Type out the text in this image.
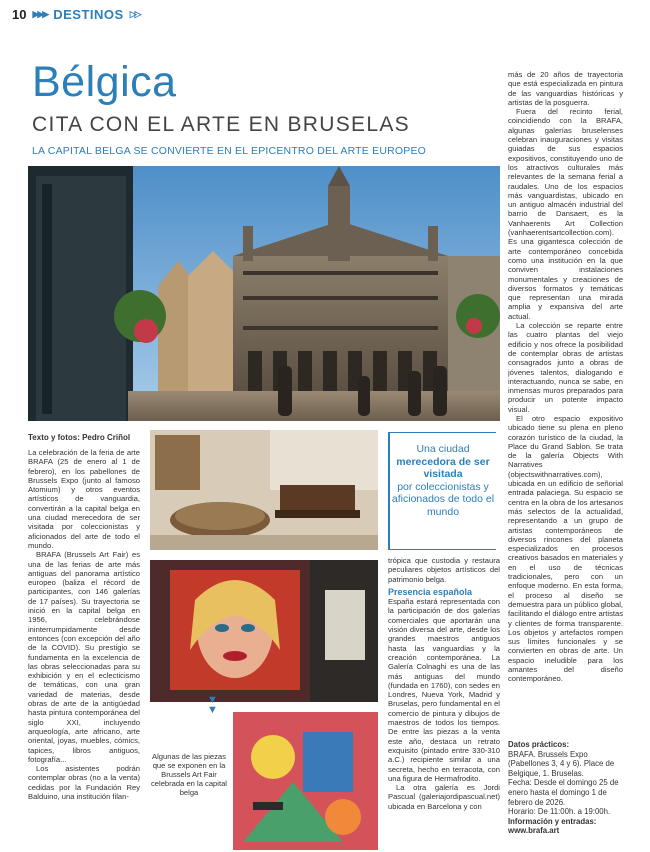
10 ▶▶▶ DESTINOS ▷▷
Bélgica
CITA CON EL ARTE EN BRUSELAS
LA CAPITAL BELGA SE CONVIERTE EN EL EPICENTRO DEL ARTE EUROPEO
Texto y fotos: Pedro Criñol

La celebración de la feria de arte BRAFA (25 de enero al 1 de febrero), en los pabellones de Brussels Expo (junto al famoso Atomium) y otros eventos artísticos de vanguardia, convertirán a la capital belga en una ciudad merecedora de ser visitada por coleccionistas y aficionados del arte de todo el mundo.

BRAFA (Brussels Art Fair) es una de las ferias de arte más antiguas del panorama artístico europeo (baliza el récord de participantes, con 146 galerías de 17 países). Su trayectoria se inició en la capital belga en 1956, celebrándose ininterrumpidamente desde entonces (con excepción del año de la COVID). Su prestigio se fundamenta en la excelencia de las obras seleccionadas para su exhibición y en el eclecticismo de temáticas, con una gran variedad de materias, desde obras de arte de la antigüedad hasta pintura contemporánea del siglo XXI, incluyendo arqueología, arte africano, arte oriental, joyas, muebles, cómics, tapices, libros antiguos, fotografía...

Los asistentes podrán contemplar obras (no a la venta) cedidas por la Fundación Rey Balduino, una institución filan-

Una ciudad
merecedora de ser visitada
por coleccionistas y aficionados de todo el mundo
▼
▼
Algunas de las piezas que se exponen en la Brussels Art Fair celebrada en la capital belga

trópica que custodia y restaura peculiares objetos artísticos del patrimonio belga.

Presencia española

España estará representada con la participación de dos galerías comerciales que aportarán una visión diversa del arte, desde los grandes maestros antiguos hasta las vanguardias y la creación contemporánea. La Galería Colnaghi es una de las más antiguas del mundo (fundada en 1760), con sedes en Londres, Nueva York, Madrid y Bruselas, pero fundamental en el comercio de pintura y dibujos de maestros de todos los tiempos. De entre las piezas a la venta este año, destaca un retrato exquisito (pintado entre 330-310 a.C.) recipiente similar a una secreta, hecho en terracota, con una figura de Hermafrodito.

La otra galería es Jordi Pascual (galeriajordipascual.net) ubicada en Barcelona y con

más de 20 años de trayectoria que está especializada en pintura de las vanguardias históricas y artistas de la posguerra.

Fuera del recinto ferial, coincidiendo con la BRAFA, algunas galerías bruselenses celebran inauguraciones y visitas guiadas de sus espacios expositivos, constituyendo uno de los atractivos culturales más relevantes de la semana ferial a raudales. Uno de los espacios más vanguardistas, ubicado en un antiguo almacén industrial del barrio de Dansaert, es la Vanhaerents Art Collection (vanhaerentsartcollection.com). Es una gigantesca colección de arte contemporáneo concebida como una institución en la que conviven instalaciones monumentales y creaciones de diversos formatos y temáticas que representan una mirada amplia y expansiva del arte actual.

La colección se reparte entre las cuatro plantas del viejo edificio y nos ofrece la posibilidad de contemplar obras de artistas consagrados junto a obras de jóvenes talentos, dialogando e interactuando, nunca se sabe, en inmensas muros preparados para producir un potente impacto visual.

El otro espacio expositivo ubicado tiene su plena en pleno corazón turístico de la ciudad, la Place du Grand Sablon. Se trata de la galería Objects With Narratives (objectswithnarratives.com), ubicada en un edificio de señorial entrada palaciega. Su espacio se centra en la obra de los artesanos más selectos de la actualidad, representando a un grupo de artistas contemporáneos de diversos rincones del planeta especializados en procesos creativos basados en materiales y en el uso de técnicas tradicionales, pero con un enfoque moderno. En esta forma, el proceso al diseño se demuestra para un público global, facilitando el diálogo entre artistas y clientes de forma transparente. Los objetos y artefactos rompen sus límites funcionales y se convierten en obras de arte. Un espacio ineludible para los amantes del diseño contemporáneo.

Datos prácticos:
BRAFA. Brussels Expo (Pabellones 3, 4 y 6). Place de Belgique, 1. Bruselas.
Fecha: Desde el domingo 25 de enero hasta el domingo 1 de febrero de 2026.
Horario: De 11:00h. a 19:00h.
Información y entradas:
www.brafa.art
